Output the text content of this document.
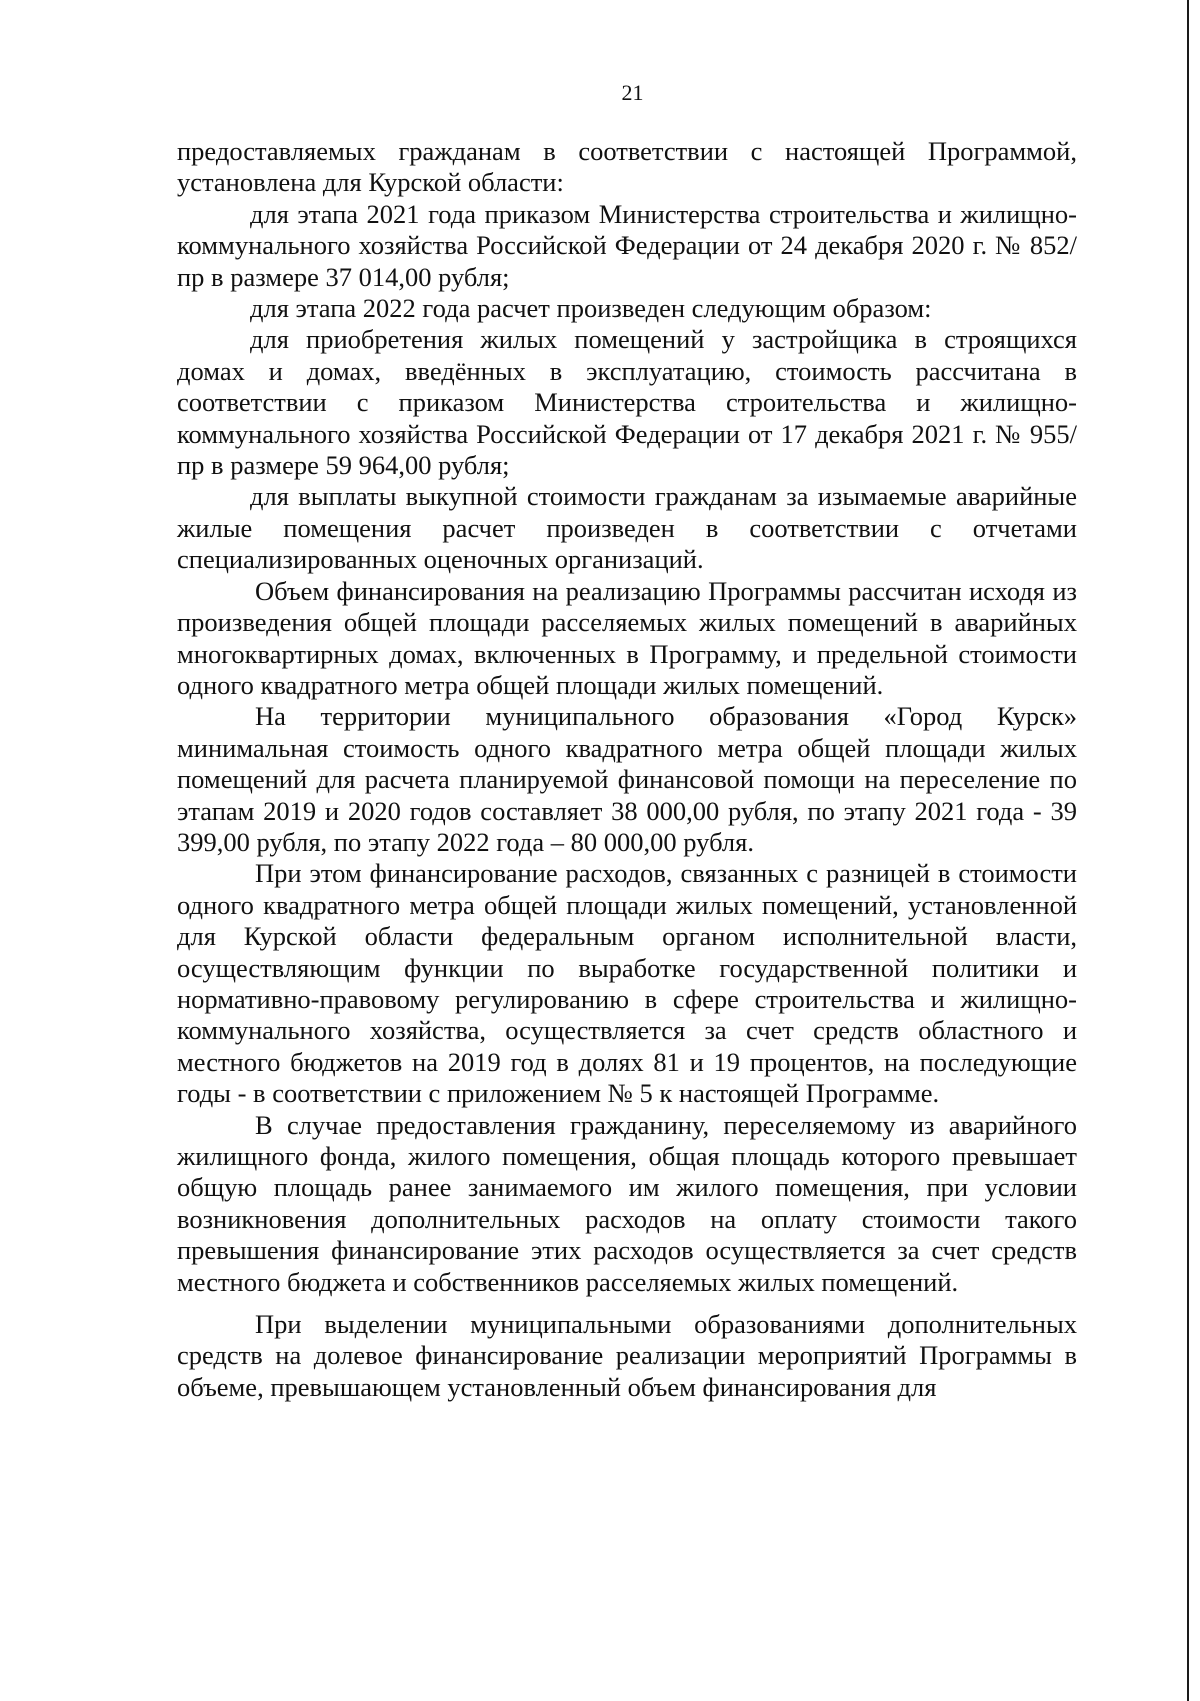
21

предоставляемых гражданам в соответствии с настоящей Программой, установлена для Курской области:

для этапа 2021 года приказом Министерства строительства и жилищно-коммунального хозяйства Российской Федерации от 24 декабря 2020 г. № 852/пр в размере 37 014,00 рубля;

для этапа 2022 года расчет произведен следующим образом:

для приобретения жилых помещений у застройщика в строящихся домах и домах, введённых в эксплуатацию, стоимость рассчитана в соответствии с приказом Министерства строительства и жилищно-коммунального хозяйства Российской Федерации от 17 декабря 2021 г. № 955/пр в размере 59 964,00 рубля;

для выплаты выкупной стоимости гражданам за изымаемые аварийные жилые помещения расчет произведен в соответствии с отчетами специализированных оценочных организаций.

Объем финансирования на реализацию Программы рассчитан исходя из произведения общей площади расселяемых жилых помещений в аварийных многоквартирных домах, включенных в Программу, и предельной стоимости одного квадратного метра общей площади жилых помещений.

На территории муниципального образования «Город Курск» минимальная стоимость одного квадратного метра общей площади жилых помещений для расчета планируемой финансовой помощи на переселение по этапам 2019 и 2020 годов составляет 38 000,00 рубля, по этапу 2021 года - 39 399,00 рубля, по этапу 2022 года – 80 000,00 рубля.

При этом финансирование расходов, связанных с разницей в стоимости одного квадратного метра общей площади жилых помещений, установленной для Курской области федеральным органом исполнительной власти, осуществляющим функции по выработке государственной политики и нормативно-правовому регулированию в сфере строительства и жилищно-коммунального хозяйства, осуществляется за счет средств областного и местного бюджетов на 2019 год в долях 81 и 19 процентов, на последующие годы - в соответствии с приложением № 5 к настоящей Программе.

В случае предоставления гражданину, переселяемому из аварийного жилищного фонда, жилого помещения, общая площадь которого превышает общую площадь ранее занимаемого им жилого помещения, при условии возникновения дополнительных расходов на оплату стоимости такого превышения финансирование этих расходов осуществляется за счет средств местного бюджета и собственников расселяемых жилых помещений.

При выделении муниципальными образованиями дополнительных средств на долевое финансирование реализации мероприятий Программы в объеме, превышающем установленный объем финансирования для
